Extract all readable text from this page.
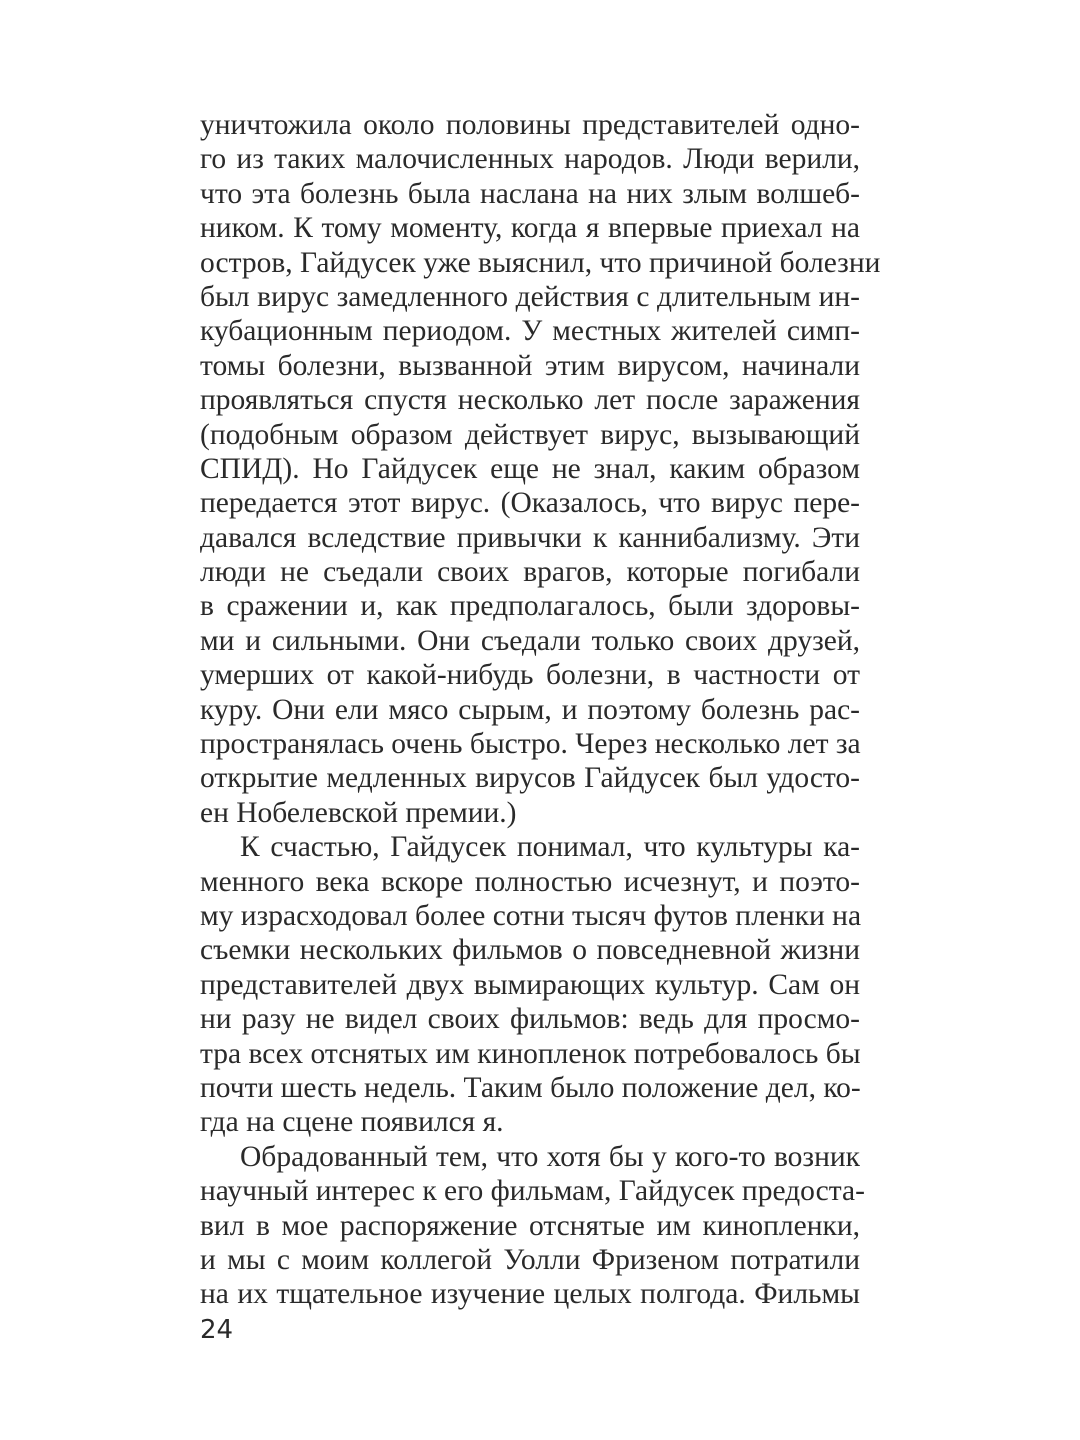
уничтожила около половины представителей одно-
го из таких малочисленных народов. Люди верили,
что эта болезнь была наслана на них злым волшеб-
ником. К тому моменту, когда я впервые приехал на
остров, Гайдусек уже выяснил, что причиной болезни
был вирус замедленного действия с длительным ин-
кубационным периодом. У местных жителей симп-
томы болезни, вызванной этим вирусом, начинали
проявляться спустя несколько лет после заражения
(подобным образом действует вирус, вызывающий
СПИД). Но Гайдусек еще не знал, каким образом
передается этот вирус. (Оказалось, что вирус пере-
давался вследствие привычки к каннибализму. Эти
люди не съедали своих врагов, которые погибали
в сражении и, как предполагалось, были здоровы-
ми и сильными. Они съедали только своих друзей,
умерших от какой-нибудь болезни, в частности от
куру. Они ели мясо сырым, и поэтому болезнь рас-
пространялась очень быстро. Через несколько лет за
открытие медленных вирусов Гайдусек был удосто-
ен Нобелевской премии.)
К счастью, Гайдусек понимал, что культуры ка-
менного века вскоре полностью исчезнут, и поэто-
му израсходовал более сотни тысяч футов пленки на
съемки нескольких фильмов о повседневной жизни
представителей двух вымирающих культур. Сам он
ни разу не видел своих фильмов: ведь для просмо-
тра всех отснятых им кинопленок потребовалось бы
почти шесть недель. Таким было положение дел, ко-
гда на сцене появился я.
Обрадованный тем, что хотя бы у кого-то возник
научный интерес к его фильмам, Гайдусек предоста-
вил в мое распоряжение отснятые им кинопленки,
и мы с моим коллегой Уолли Фризеном потратили
на их тщательное изучение целых полгода. Фильмы
24
